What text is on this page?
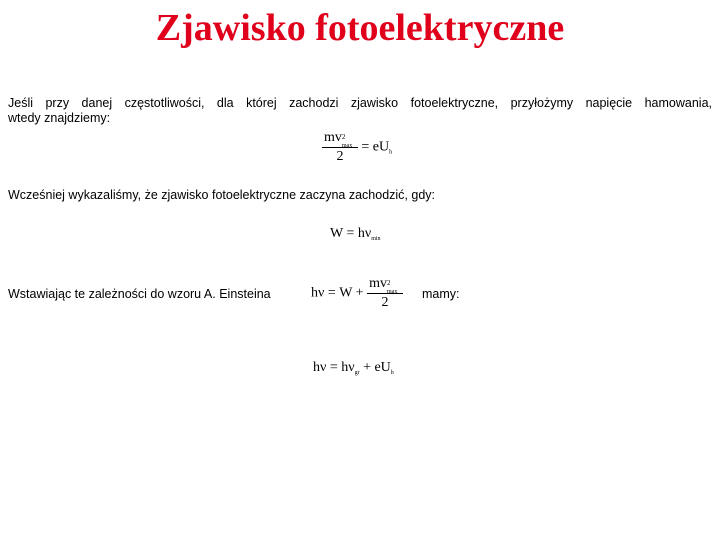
Zjawisko fotoelektryczne
Jeśli przy danej częstotliwości, dla której zachodzi zjawisko fotoelektryczne, przyłożymy napięcie hamowania,
wtedy znajdziemy:
mv 2
max
$2 = eU_h$
Wcześniej wykazaliśmy, że zjawisko fotoelektryczne zaczyna zachodzić, gdy:
$W = h\nu_{min}$
Wstawiając te zależności do wzoru A. Einsteina	hν = W + mv 2
max
2 mamy:
$h\nu = h\nu_{gr} + eU_h$
